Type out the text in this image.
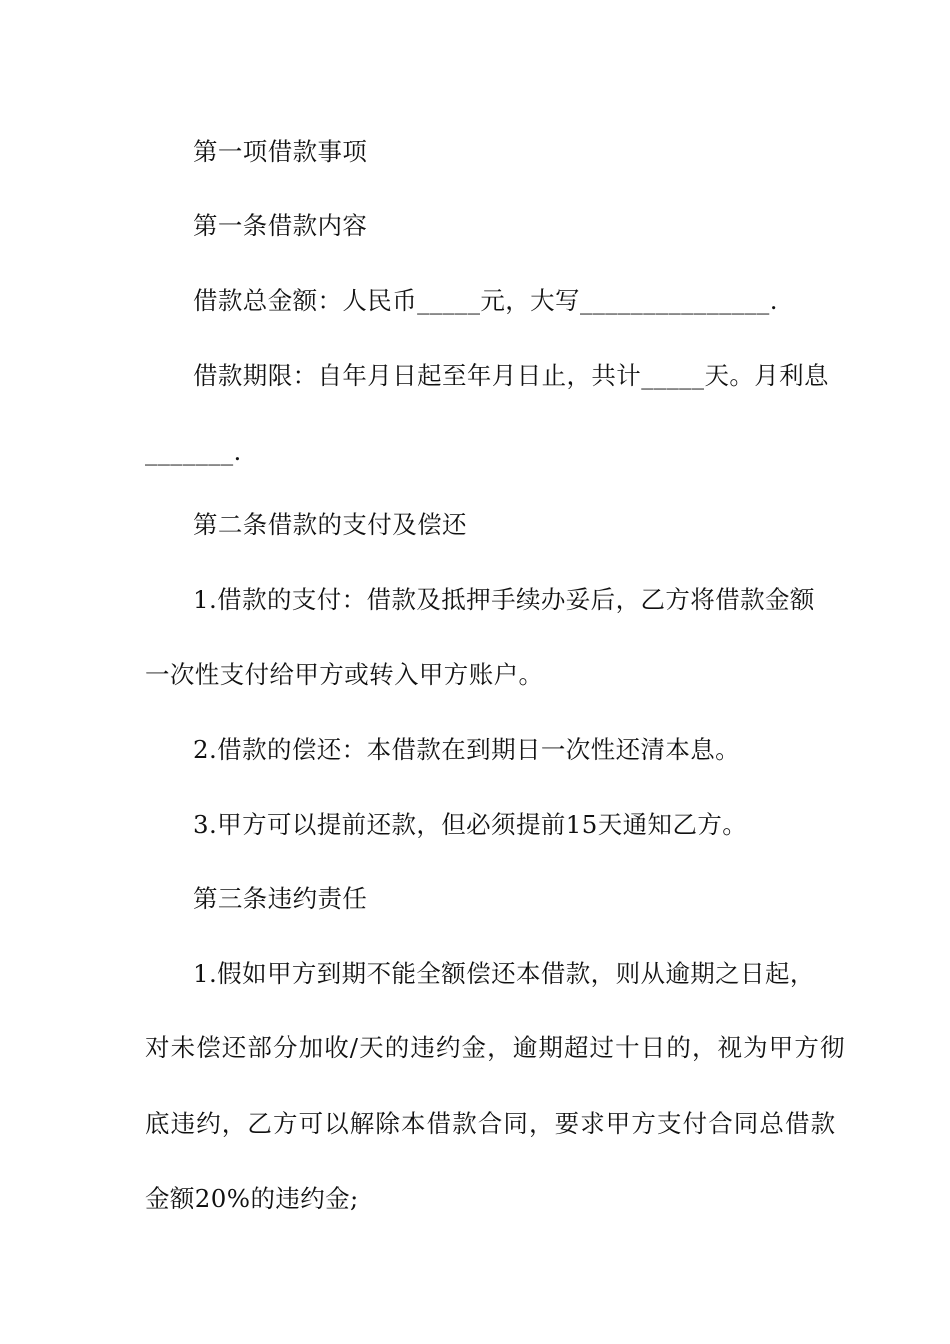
第一项借款事项
第一条借款内容
借款总金额：人民币_____元，大写_______________.
借款期限：自年月日起至年月日止，共计_____天。月利息
_______.
第二条借款的支付及偿还
1.借款的支付：借款及抵押手续办妥后，乙方将借款金额
一次性支付给甲方或转入甲方账户。
2.借款的偿还：本借款在到期日一次性还清本息。
3.甲方可以提前还款，但必须提前15天通知乙方。
第三条违约责任
1.假如甲方到期不能全额偿还本借款，则从逾期之日起，
对未偿还部分加收/天的违约金，逾期超过十日的，视为甲方彻
底违约，乙方可以解除本借款合同，要求甲方支付合同总借款
金额20%的违约金;
